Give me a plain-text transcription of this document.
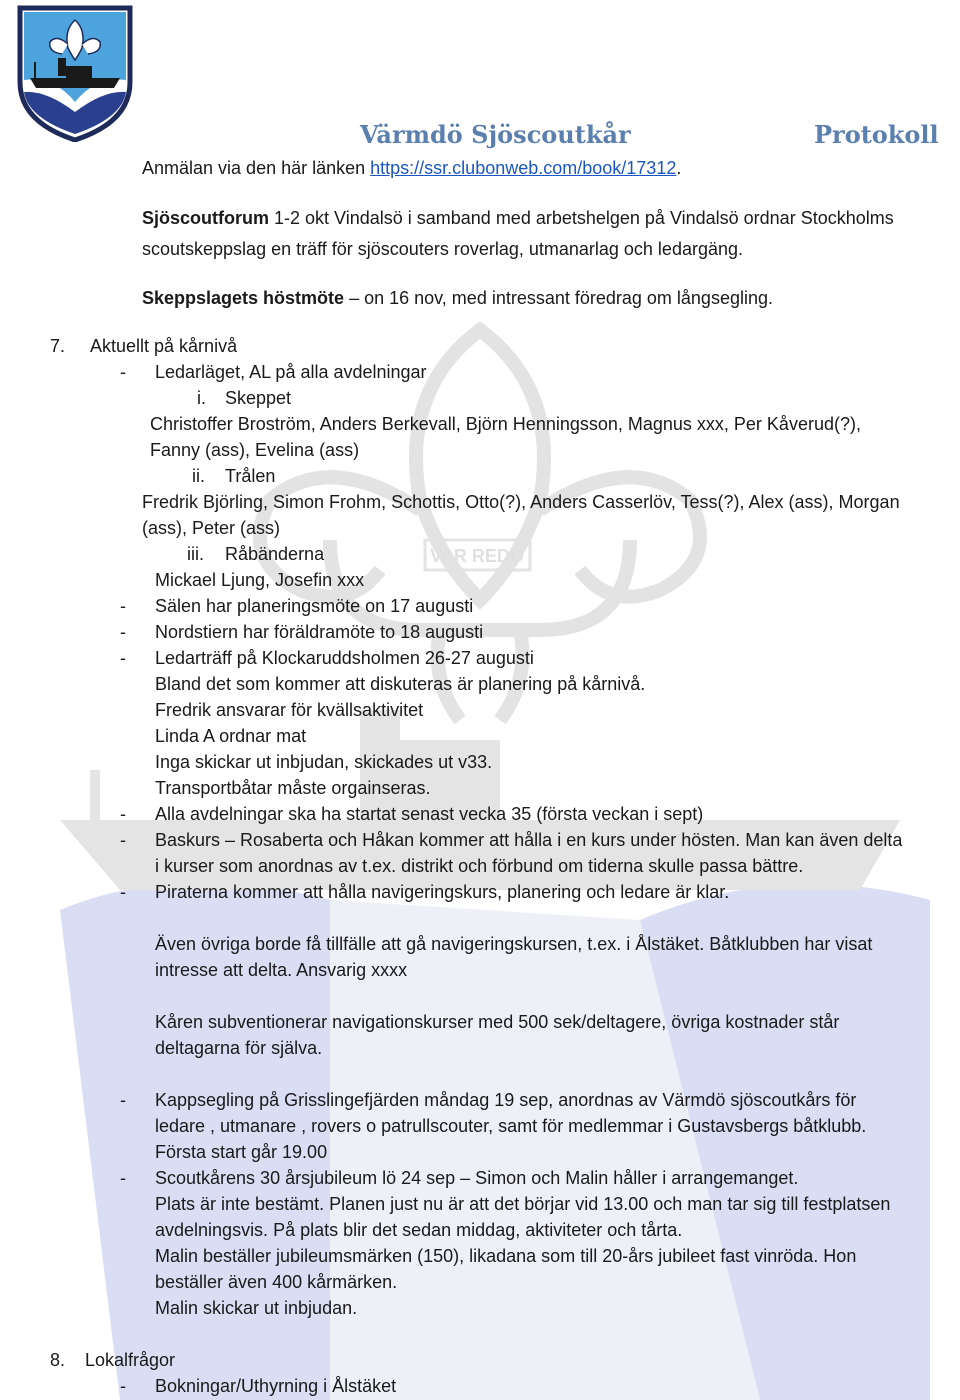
VAR REDO
Värmdö Sjöscoutkår	Protokoll
Anmälan via den här länken https://ssr.clubonweb.com/book/17312.
Sjöscoutforum 1-2 okt Vindalsö i samband med arbetshelgen på Vindalsö ordnar Stockholms
scoutskeppslag en träff för sjöscouters roverlag, utmanarlag och ledargäng.
Skeppslagets höstmöte – on 16 nov, med intressant föredrag om långsegling.
7. Aktuellt på kårnivå
- Ledarläget, AL på alla avdelningar
i. Skeppet
Christoffer Broström, Anders Berkevall, Björn Henningsson, Magnus xxx, Per Kåverud(?),
Fanny (ass), Evelina (ass)
ii. Trålen
Fredrik Björling, Simon Frohm, Schottis, Otto(?), Anders Casserlöv, Tess(?), Alex (ass), Morgan
(ass), Peter (ass)
iii. Råbänderna
Mickael Ljung, Josefin xxx
- Sälen har planeringsmöte on 17 augusti
- Nordstiern har föräldramöte to 18 augusti
- Ledarträff på Klockaruddsholmen 26-27 augusti
Bland det som kommer att diskuteras är planering på kårnivå.
Fredrik ansvarar för kvällsaktivitet
Linda A ordnar mat
Inga skickar ut inbjudan, skickades ut v33.
Transportbåtar måste orgainseras.
- Alla avdelningar ska ha startat senast vecka 35 (första veckan i sept)
- Baskurs – Rosaberta och Håkan kommer att hålla i en kurs under hösten. Man kan även delta
i kurser som anordnas av t.ex. distrikt och förbund om tiderna skulle passa bättre.
- Piraterna kommer att hålla navigeringskurs, planering och ledare är klar.
Även övriga borde få tillfälle att gå navigeringskursen, t.ex. i Ålstäket. Båtklubben har visat
intresse att delta. Ansvarig xxxx
Kåren subventionerar navigationskurser med 500 sek/deltagere, övriga kostnader står
deltagarna för själva.
- Kappsegling på Grisslingefjärden måndag 19 sep, anordnas av Värmdö sjöscoutkårs för
ledare , utmanare , rovers o patrullscouter, samt för medlemmar i Gustavsbergs båtklubb.
Första start går 19.00
- Scoutkårens 30 årsjubileum lö 24 sep – Simon och Malin håller i arrangemanget.
Plats är inte bestämt. Planen just nu är att det börjar vid 13.00 och man tar sig till festplatsen
avdelningsvis. På plats blir det sedan middag, aktiviteter och tårta.
Malin beställer jubileumsmärken (150), likadana som till 20-års jubileet fast vinröda. Hon
beställer även 400 kårmärken.
Malin skickar ut inbjudan.
8. Lokalfrågor
- Bokningar/Uthyrning i Ålstäket
